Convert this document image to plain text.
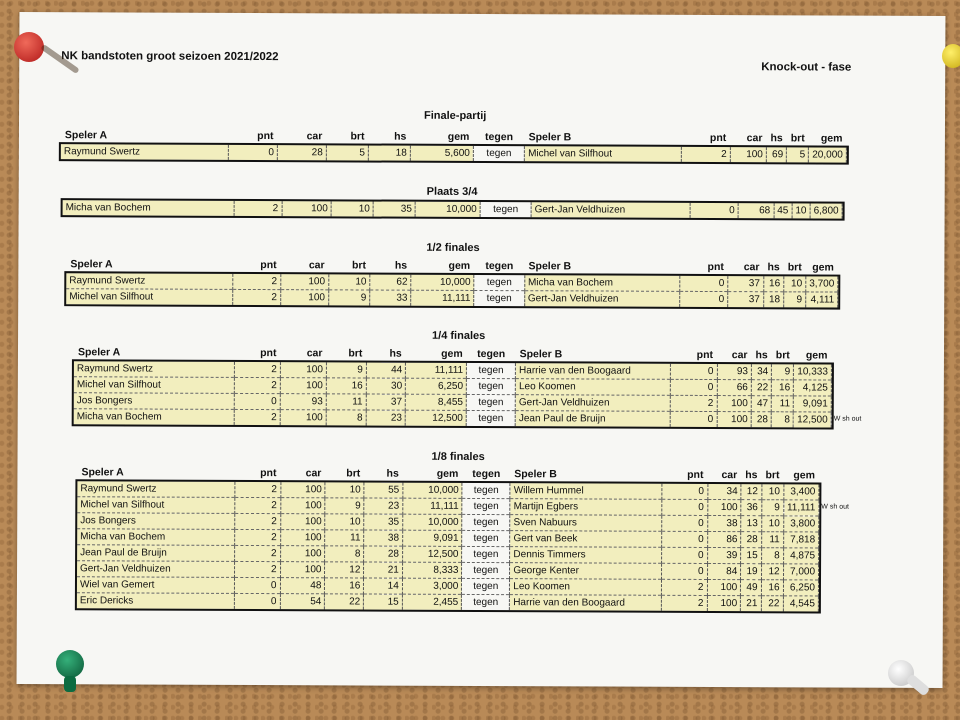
NK bandstoten groot seizoen 2021/2022
Knock-out - fase
Finale-partij
Speler A	pnt	car	brt	hs	gem	tegen	Speler B	pnt	car	hs	brt	gem
Raymund Swertz	0	28	5	18	5,600	tegen	Michel van Silfhout	2	100	69	5	20,000
Plaats 3/4
Micha van Bochem	2	100	10	35	10,000	tegen	Gert-Jan Veldhuizen	0	68	45	10	6,800
1/2 finales
Speler A	pnt	car	brt	hs	gem	tegen	Speler B	pnt	car	hs	brt	gem
Raymund Swertz	2	100	10	62	10,000	tegen	Micha van Bochem	0	37	16	10	3,700
Michel van Silfhout	2	100	9	33	11,111	tegen	Gert-Jan Veldhuizen	0	37	18	9	4,111
1/4 finales
Speler A	pnt	car	brt	hs	gem	tegen	Speler B	pnt	car	hs	brt	gem
Raymund Swertz	2	100	9	44	11,111	tegen	Harrie van den Boogaard	0	93	34	9	10,333
Michel van Silfhout	2	100	16	30	6,250	tegen	Leo Koomen	0	66	22	16	4,125
Jos Bongers	0	93	11	37	8,455	tegen	Gert-Jan Veldhuizen	2	100	47	11	9,091
Micha van Bochem	2	100	8	23	12,500	tegen	Jean Paul de Bruijn	0	100	28	8	12,500 W sh out
1/8 finales
Speler A	pnt	car	brt	hs	gem	tegen	Speler B	pnt	car	hs	brt	gem
Raymund Swertz	2	100	10	55	10,000	tegen	Willem Hummel	0	34	12	10	3,400
Michel van Silfhout	2	100	9	23	11,111	tegen	Martijn Egbers	0	100	36	9	11,111 W sh out

Jos Bongers	2	100	10	35	10,000	tegen	Sven Nabuurs	0	38	13	10	3,800
Micha van Bochem	2	100	11	38	9,091	tegen	Gert van Beek	0	86	28	11	7,818
Jean Paul de Bruijn	2	100	8	28	12,500	tegen	Dennis Timmers	0	39	15	8	4,875
Gert-Jan Veldhuizen	2	100	12	21	8,333	tegen	George Kenter	0	84	19	12	7,000
Wiel van Gemert	0	48	16	14	3,000	tegen	Leo Koomen	2	100	49	16	6,250
Eric Dericks	0	54	22	15	2,455	tegen	Harrie van den Boogaard	2	100	21	22	4,545
